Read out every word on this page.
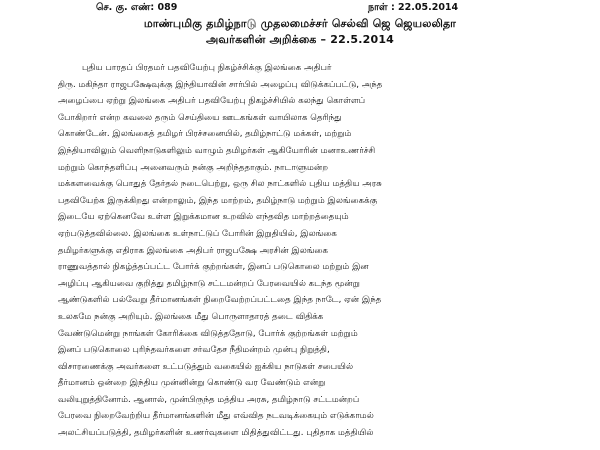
செ. கு. எண்: 089	நாள் : 22.05.2014
மாண்புமிகு தமிழ்நாடு முதலமைச்சர் செல்வி ஜெ ஜெயலலிதா
அவர்களின் அறிக்கை – 22.5.2014
புதிய பாரதப் பிரதமர் பதவியேற்பு நிகழ்ச்சிக்கு இலங்கை அதிபர்
திரு. மகிந்தா ராஜபக்ஷேவுக்கு இந்தியாவின் சார்பில் அழைப்பு விடுக்கப்பட்டு, அந்த
அழைப்பை ஏற்று இலங்கை அதிபர் பதவியேற்பு நிகழ்ச்சியில் கலந்து கொள்ளப்
போகிறார் என்ற கவலை தரும் செய்தியை ஊடகங்கள் வாயிலாக தெரிந்து
கொண்டேன். இலங்கைத் தமிழர் பிரச்சனையில், தமிழ்நாட்டு மக்கள், மற்றும்
இந்தியாவிலும் வெளிநாடுகளிலும் வாழும் தமிழர்கள் ஆகியோரின் மனாஉணர்ச்சி
மற்றும் கொந்தளிப்பு அனைவரும் நன்கு அறிந்ததாகும். நாடாளுமன்ற
மக்களவைக்கு பொதுத் தேர்தல் நடைபெற்று, ஒரு சில நாட்களில் புதிய மத்திய அரசு
பதவியேற்க இருக்கிறது என்றாலும், இந்த மாற்றம், தமிழ்நாடு மற்றும் இலங்கைக்கு
இடையே ஏற்கெனவே உள்ள இறுக்கமான உறவில் எந்தவித மாற்றத்தையும்
ஏற்படுத்தவில்லை. இலங்கை உள்நாட்டுப் போரின் இறுதியில், இலங்கை
தமிழர்களுக்கு எதிராக இலங்கை அதிபர் ராஜபக்ஷே அரசின் இலங்கை
ராணுவத்தால் நிகழ்த்தப்பட்ட போர்க் குற்றங்கள், இனப் படுகொலை மற்றும் இன
அழிப்பு ஆகியவை குறித்து தமிழ்நாடு சட்டமன்றப் பேரவையில் கடந்த மூன்று
ஆண்டுகளில் பல்வேறு தீர்மானங்கள் நிறைவேற்றப்பட்டதை இந்த நாடே, ஏன் இந்த
உலகமே நன்கு அறியும். இலங்கை மீது பொருளாதாரத் தடை விதிக்க
வேண்டுமென்று நாங்கள் கோரிக்கை விடுத்ததோடு, போர்க் குற்றங்கள் மற்றும்
இனப் படுகொலை புரிந்தவர்களை சர்வதேச நீதிமன்றம் முன்பு நிறுத்தி,
விசாரணைக்கு அவர்களை உட்படுத்தும் வகையில் ஐக்கிய நாடுகள் சபையில்
தீர்மானம் ஒன்றை இந்திய முன்னின்று கொண்டு வர வேண்டும் என்று
வலியுறுத்தினோம். ஆனால், முன்பிருந்த மத்திய அரசு, தமிழ்நாடு சட்டமன்றப்
பேரவை நிறைவேற்றிய தீர்மானங்களின் மீது எவ்வித நடவடிக்கையும் எடுக்காமல்
அலட்சியப்படுத்தி, தமிழர்களின் உணர்வுகளை மிதித்துவிட்டது. புதிதாக மத்தியில்
